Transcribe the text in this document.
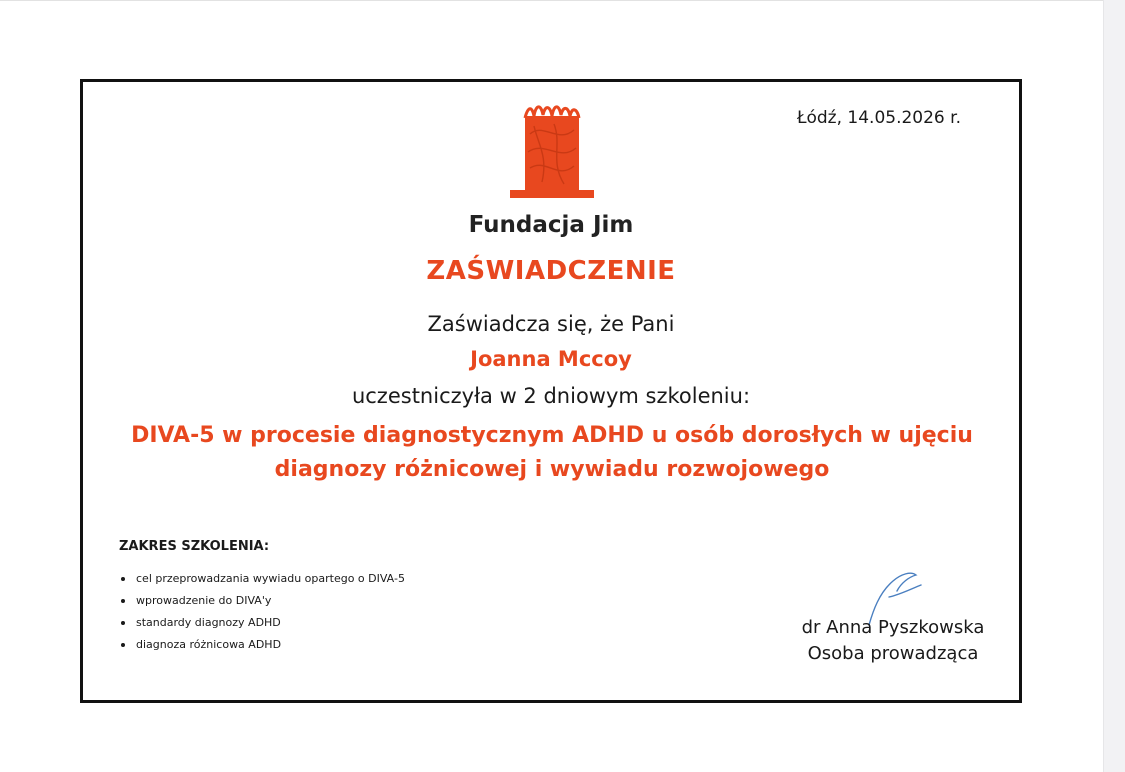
Łódź, 14.05.2026 r.
Fundacja Jim
ZAŚWIADCZENIE
Zaświadcza się, że Pani
Joanna Mccoy
uczestniczyła w 2 dniowym szkoleniu:
DIVA-5 w procesie diagnostycznym ADHD u osób dorosłych w ujęciu
diagnozy różnicowej i wywiadu rozwojowego
ZAKRES SZKOLENIA:
cel przeprowadzania wywiadu opartego o DIVA-5
wprowadzenie do DIVA'y
standardy diagnozy ADHD
diagnoza różnicowa ADHD
dr Anna Pyszkowska
Osoba prowadząca
